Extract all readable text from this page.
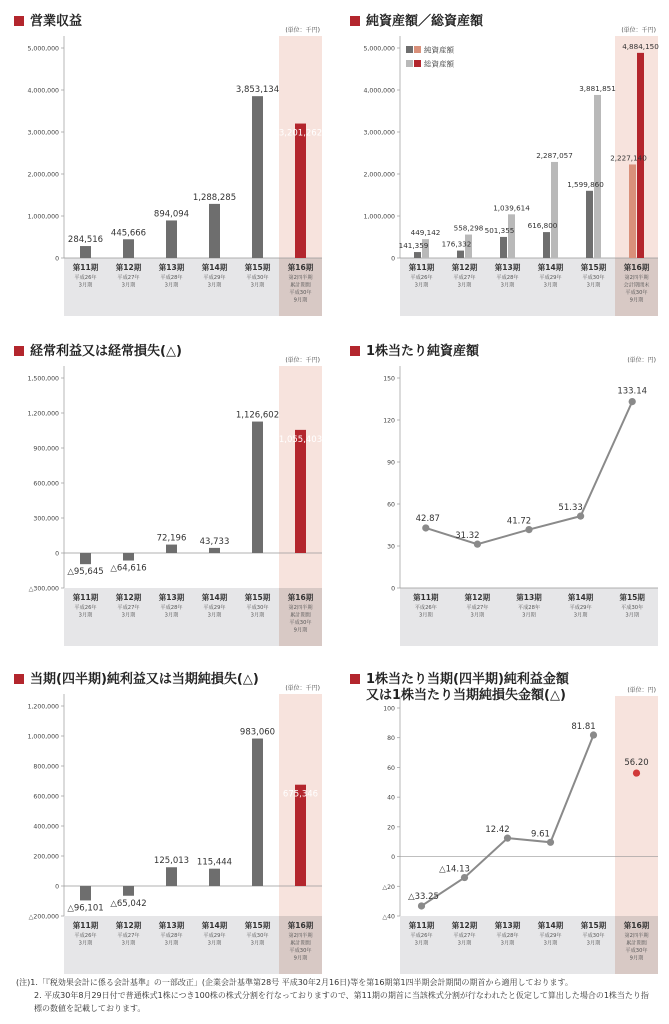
営業収益
0
1,000,000
2,000,000
3,000,000
4,000,000
5,000,000
(単位：千円)
第11期
平成26年
3月期
第12期
平成27年
3月期
第13期
平成28年
3月期
第14期
平成29年
3月期
第15期
平成30年
3月期
第16期
第2四半期
累計期間
平成30年
9月期
284,516
445,666
894,094
1,288,285
3,853,134
3,201,262
純資産額／総資産額
0
1,000,000
2,000,000
3,000,000
4,000,000
5,000,000
(単位：千円)
第11期
平成26年
3月期
第12期
平成27年
3月期
第13期
平成28年
3月期
第14期
平成29年
3月期
第15期
平成30年
3月期
第16期
第2四半期
会計期間末
平成30年
9月期
141,359
449,142
176,332
558,298 501,355
1,039,614
616,800
2,287,057
1,599,860
3,881,851
2,227,140
4,884,150
純資産額
総資産額
経常利益又は経常損失(△)
△300,000
0
300,000
600,000
900,000
1,200,000
1,500,000
(単位：千円)
第11期
平成26年
3月期
第12期
平成27年
3月期
第13期
平成28年
3月期
第14期
平成29年
3月期
第15期
平成30年
3月期
第16期
第2四半期
累計期間
平成30年
9月期
△95,645 △64,616
72,196 43,733
1,126,602
1,055,403
1株当たり純資産額
0
30
60
90
120
150
(単位：円)
第11期
平成26年
3月期
第12期
平成27年
3月期
第13期
平成28年
3月期
第14期
平成29年
3月期
第15期
平成30年
3月期
42.87
31.32
41.72
51.33
133.14
当期(四半期)純利益又は当期純損失(△)
△200,000
0
200,000
400,000
600,000
800,000
1,000,000
1,200,000
(単位：千円)
第11期
平成26年
3月期
第12期
平成27年
3月期
第13期
平成28年
3月期
第14期
平成29年
3月期
第15期
平成30年
3月期
第16期
第2四半期
累計期間
平成30年
9月期
△96,101 △65,042
125,013 115,444
983,060
675,346
1株当たり当期(四半期)純利益金額
又は1株当たり当期純損失金額(△)
△40
△20
0
20
40
60
80
100
(単位：円)
第11期
平成26年
3月期
第12期
平成27年
3月期
第13期
平成28年
3月期
第14期
平成29年
3月期
第15期
平成30年
3月期
第16期
第2四半期
累計期間
平成30年
9月期
△33.25
△14.13
12.42	9.61
81.81
56.20
(注)1.「『税効果会計に係る会計基準』の一部改正」(企業会計基準第28号 平成30年2月16日)等を第16期第1四半期会計期間の期首から適用しております。
2. 平成30年8月29日付で普通株式1株につき100株の株式分割を行なっておりますので、第11期の期首に当該株式分割が行なわれたと仮定して算出した場合の1株当たり指標の数値を記載しております。
